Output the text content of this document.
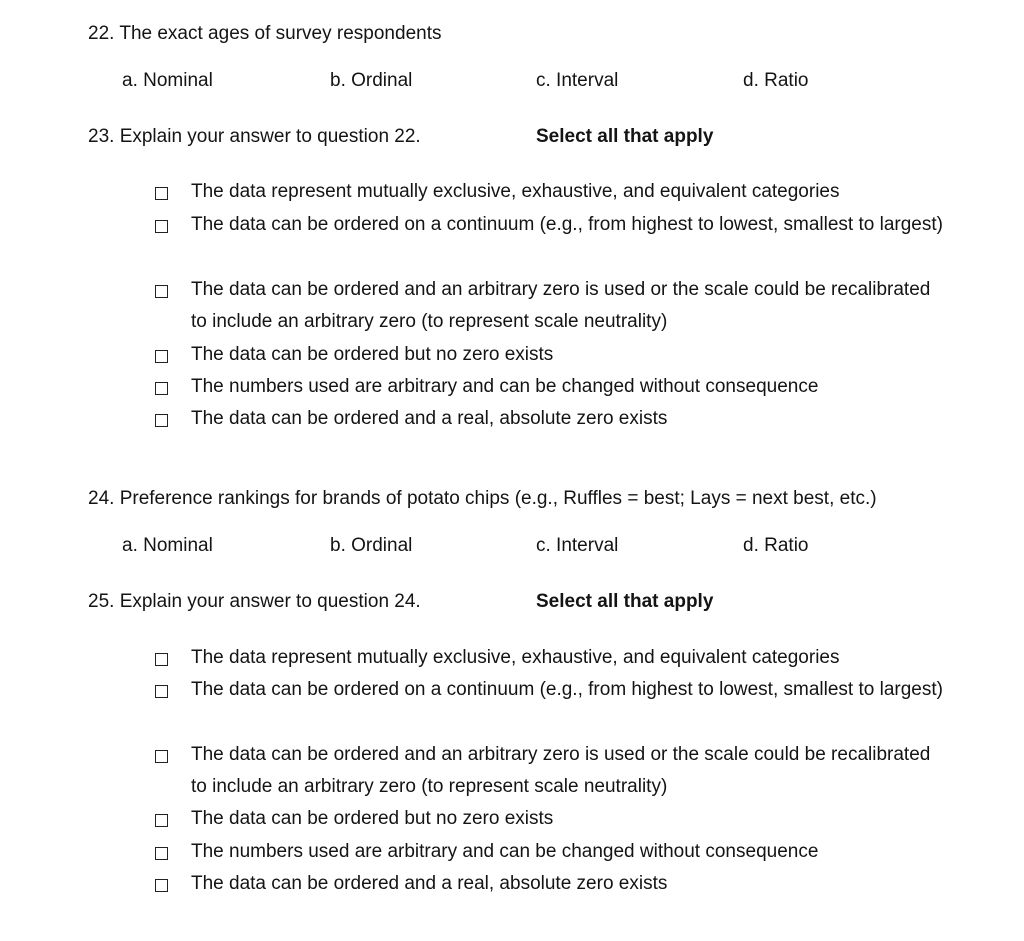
22. The exact ages of survey respondents
a. Nominal	b. Ordinal	c. Interval	d. Ratio
23. Explain your answer to question 22.	Select all that apply
The data represent mutually exclusive, exhaustive, and equivalent categories
The data can be ordered on a continuum (e.g., from highest to lowest, smallest to largest)
The data can be ordered and an arbitrary zero is used or the scale could be recalibrated to include an arbitrary zero (to represent scale neutrality)
The data can be ordered but no zero exists
The numbers used are arbitrary and can be changed without consequence
The data can be ordered and a real, absolute zero exists
24. Preference rankings for brands of potato chips (e.g., Ruffles = best; Lays = next best, etc.)
a. Nominal	b. Ordinal	c. Interval	d. Ratio
25. Explain your answer to question 24.	Select all that apply
The data represent mutually exclusive, exhaustive, and equivalent categories
The data can be ordered on a continuum (e.g., from highest to lowest, smallest to largest)
The data can be ordered and an arbitrary zero is used or the scale could be recalibrated to include an arbitrary zero (to represent scale neutrality)
The data can be ordered but no zero exists
The numbers used are arbitrary and can be changed without consequence
The data can be ordered and a real, absolute zero exists
